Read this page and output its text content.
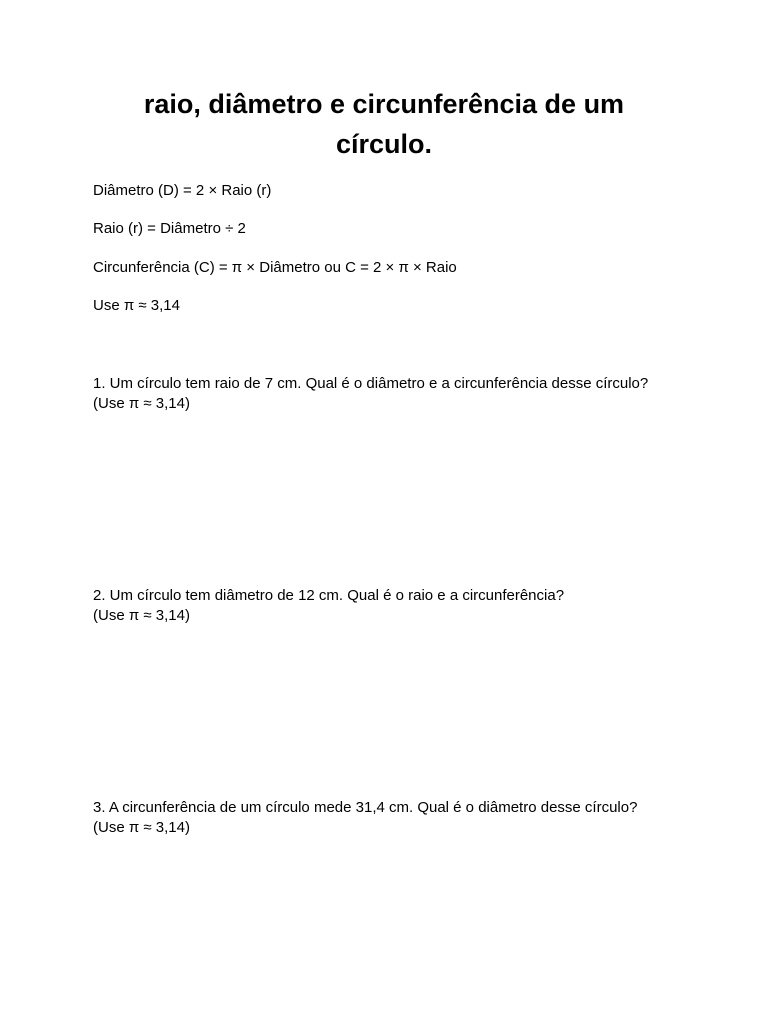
raio, diâmetro e circunferência de um
círculo.

Diâmetro (D) = 2 × Raio (r)

Raio (r) = Diâmetro ÷ 2

Circunferência (C) = π × Diâmetro ou C = 2 × π × Raio

Use π ≈ 3,14

1. Um círculo tem raio de 7 cm. Qual é o diâmetro e a circunferência desse círculo?
(Use π ≈ 3,14)
2. Um círculo tem diâmetro de 12 cm. Qual é o raio e a circunferência?
(Use π ≈ 3,14)
3. A circunferência de um círculo mede 31,4 cm. Qual é o diâmetro desse círculo?
(Use π ≈ 3,14)
